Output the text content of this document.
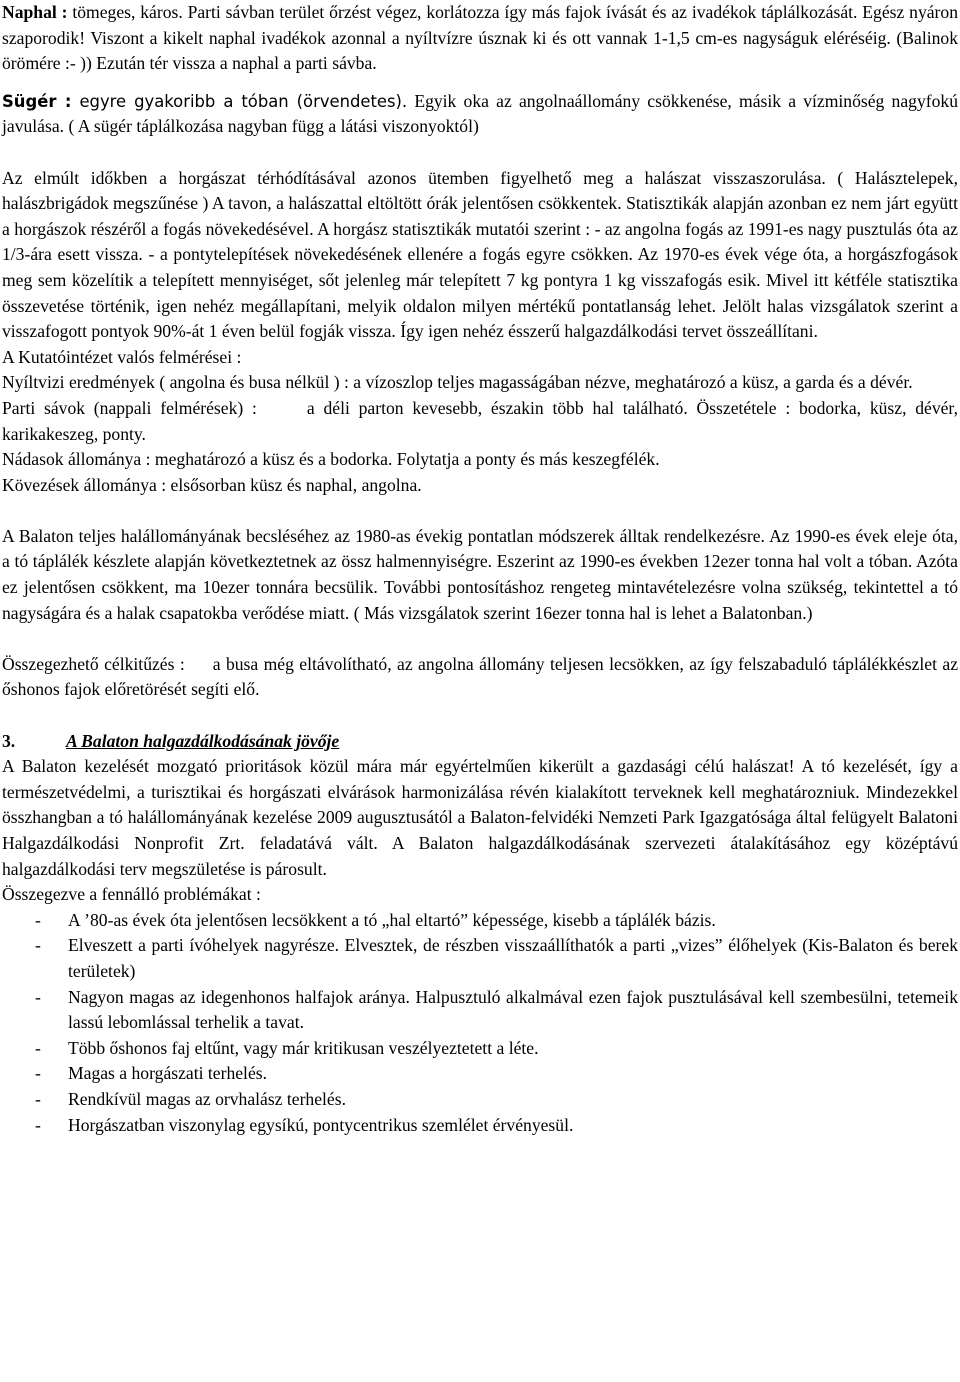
Naphal : tömeges, káros. Parti sávban terület őrzést végez, korlátozza így más fajok ívását és az ivadékok táplálkozását. Egész nyáron szaporodik! Viszont a kikelt naphal ivadékok azonnal a nyíltvízre úsznak ki és ott vannak 1-1,5 cm-es nagyságuk eléréséig. (Balinok örömére :- )) Ezután tér vissza a naphal a parti sávba.

Sügér : egyre gyakoribb a tóban (örvendetes). Egyik oka az angolnaállomány csökkenése, másik a vízminőség nagyfokú javulása. ( A sügér táplálkozása nagyban függ a látási viszonyoktól)

Az elmúlt időkben a horgászat térhódításával azonos ütemben figyelhető meg a halászat visszaszorulása. ( Halásztelepek, halászbrigádok megszűnése ) A tavon, a halászattal eltöltött órák jelentősen csökkentek. Statisztikák alapján azonban ez nem járt együtt a horgászok részéről a fogás növekedésével. A horgász statisztikák mutatói szerint : - az angolna fogás az 1991-es nagy pusztulás óta az 1/3-ára esett vissza. - a pontytelepítések növekedésének ellenére a fogás egyre csökken. Az 1970-es évek vége óta, a horgászfogások meg sem közelítik a telepített mennyiséget, sőt jelenleg már telepített 7 kg pontyra 1 kg visszafogás esik. Mivel itt kétféle statisztika összevetése történik, igen nehéz megállapítani, melyik oldalon milyen mértékű pontatlanság lehet. Jelölt halas vizsgálatok szerint a visszafogott pontyok 90%-át 1 éven belül fogják vissza. Így igen nehéz ésszerű halgazdálkodási tervet összeállítani.

A Kutatóintézet valós felmérései :

Nyíltvizi eredmények ( angolna és busa nélkül ) : a vízoszlop teljes magasságában nézve, meghatározó a küsz, a garda és a dévér.

Parti sávok (nappali felmérések) :	a déli parton kevesebb, északin több hal található. Összetétele : bodorka, küsz, dévér, karikakeszeg, ponty.

Nádasok állománya : meghatározó a küsz és a bodorka. Folytatja a ponty és más keszegfélék.

Kövezések állománya : elsősorban küsz és naphal, angolna.

A Balaton teljes halállományának becsléséhez az 1980-as évekig pontatlan módszerek álltak rendelkezésre. Az 1990-es évek eleje óta, a tó táplálék készlete alapján következtetnek az össz halmennyiségre. Eszerint az 1990-es években 12ezer tonna hal volt a tóban. Azóta ez jelentősen csökkent, ma 10ezer tonnára becsülik. További pontosításhoz rengeteg mintavételezésre volna szükség, tekintettel a tó nagyságára és a halak csapatokba verődése miatt. ( Más vizsgálatok szerint 16ezer tonna hal is lehet a Balatonban.)

Összegezhető célkitűzés : a busa még eltávolítható, az angolna állomány teljesen lecsökken, az így felszabaduló táplálékkészlet az őshonos fajok előretörését segíti elő.

3.	A Balaton halgazdálkodásának jövője

A Balaton kezelését mozgató prioritások közül mára már egyértelműen kikerült a gazdasági célú halászat! A tó kezelését, így a természetvédelmi, a turisztikai és horgászati elvárások harmonizálása révén kialakított terveknek kell meghatározniuk. Mindezekkel összhangban a tó halállományának kezelése 2009 augusztusától a Balaton-felvidéki Nemzeti Park Igazgatósága által felügyelt Balatoni Halgazdálkodási Nonprofit Zrt. feladatává vált. A Balaton halgazdálkodásának szervezeti átalakításához egy középtávú halgazdálkodási terv megszületése is párosult.

Összegezve a fennálló problémákat :

- A ’80-as évek óta jelentősen lecsökkent a tó „hal eltartó” képessége, kisebb a táplálék bázis.
- Elveszett a parti ívóhelyek nagyrésze. Elvesztek, de részben visszaállíthatók a parti „vizes” élőhelyek (Kis-Balaton és berek területek)
- Nagyon magas az idegenhonos halfajok aránya. Halpusztuló alkalmával ezen fajok pusztulásával kell szembesülni, tetemeik lassú lebomlással terhelik a tavat.
- Több őshonos faj eltűnt, vagy már kritikusan veszélyeztetett a léte.
- Magas a horgászati terhelés.
- Rendkívül magas az orvhalász terhelés.
- Horgászatban viszonylag egysíkú, pontycentrikus szemlélet érvényesül.
